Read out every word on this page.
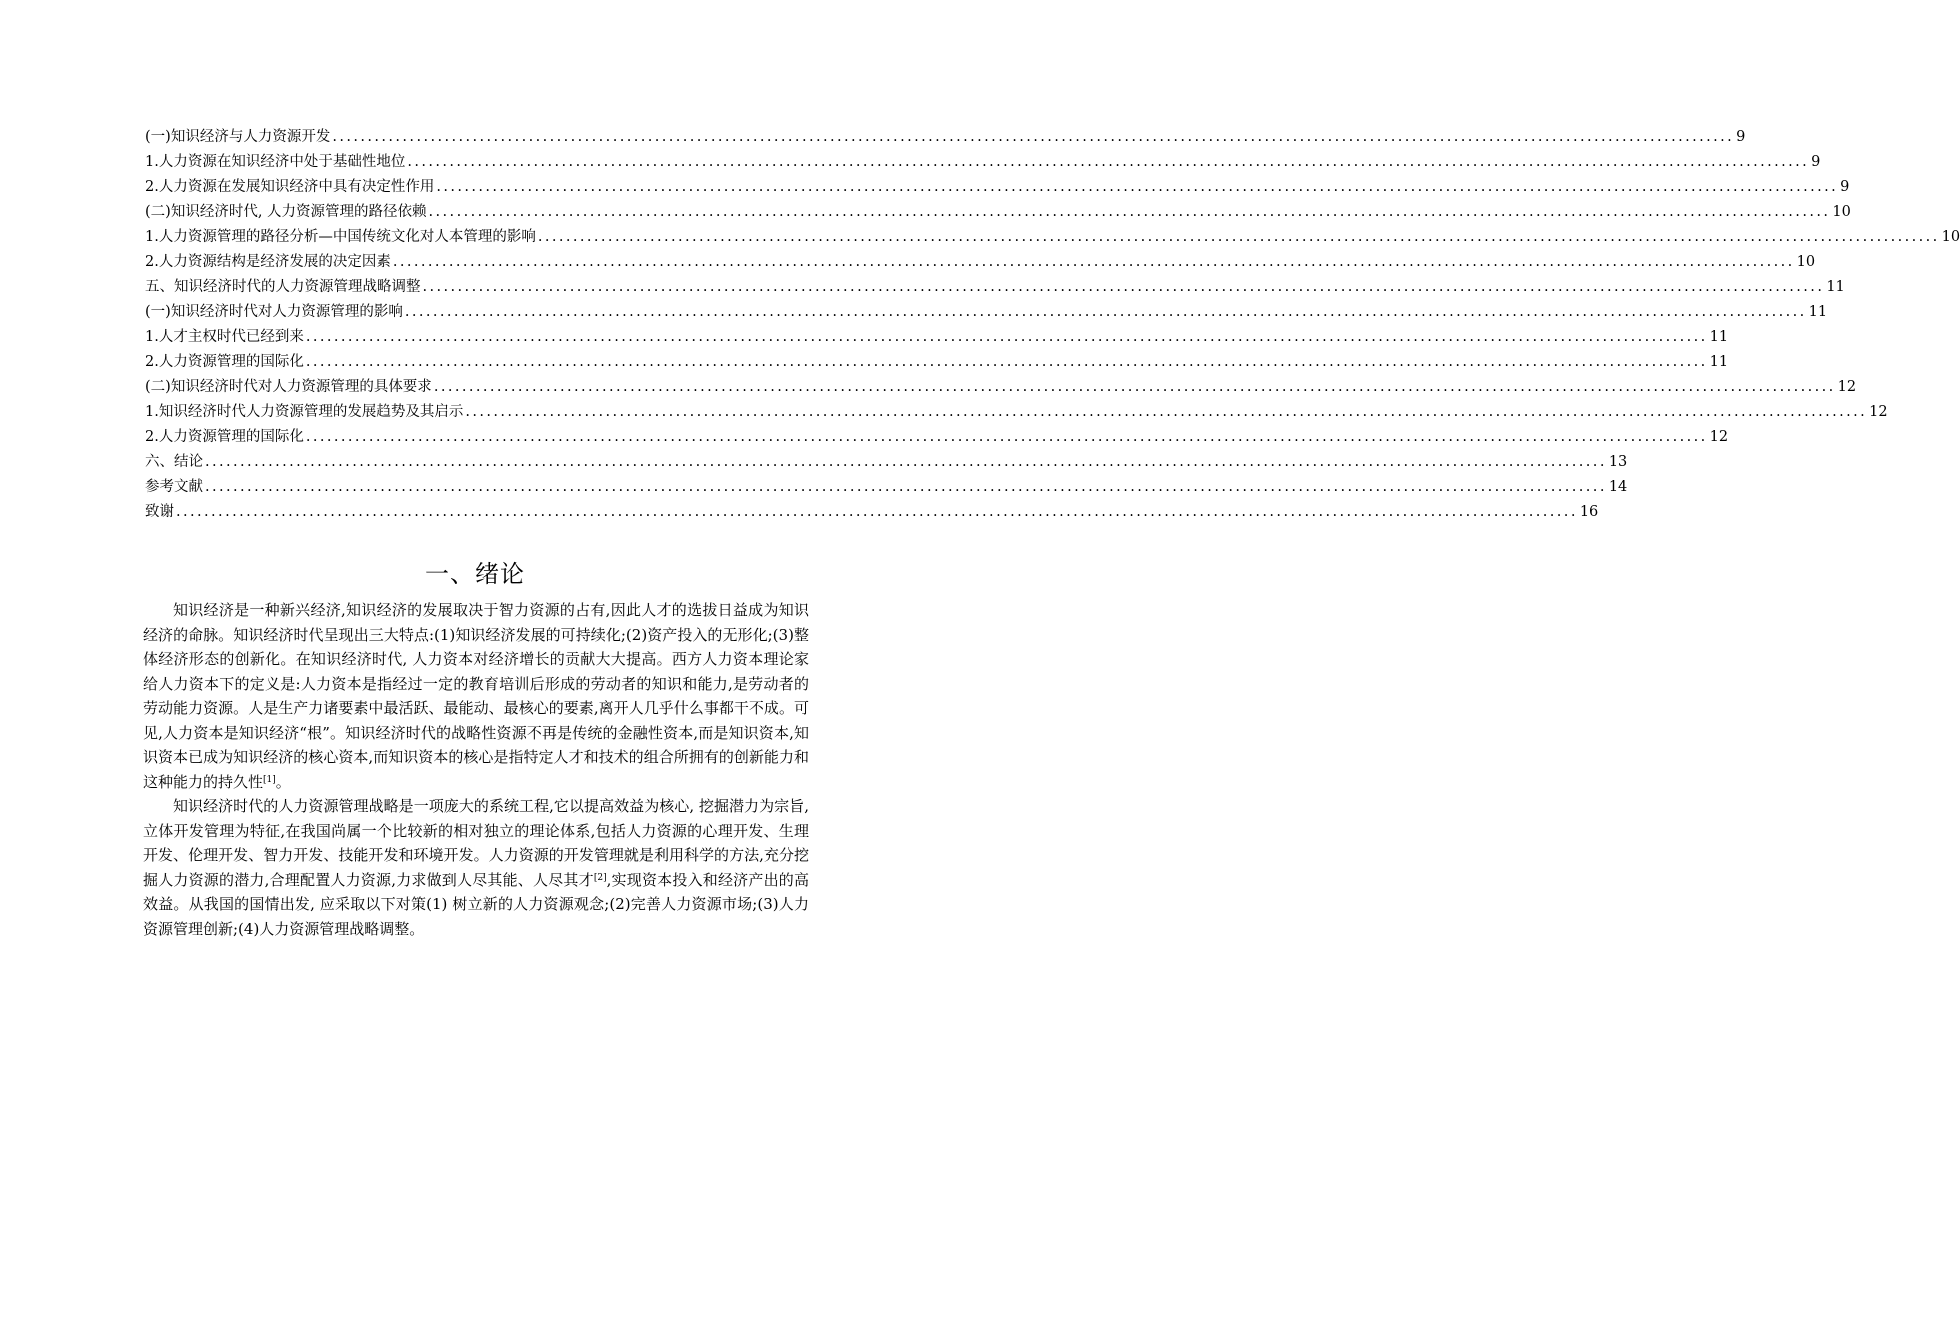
(一)知识经济与人力资源开发 ........................................................................................................................................................................................................ 9
1.人力资源在知识经济中处于基础性地位 ........................................................................................................................................................................................................ 9
2.人力资源在发展知识经济中具有决定性作用 ........................................................................................................................................................................................................ 9
(二)知识经济时代, 人力资源管理的路径依赖 ........................................................................................................................................................................................................ 10
1.人力资源管理的路径分析—中国传统文化对人本管理的影响 ........................................................................................................................................................................................................ 10
2.人力资源结构是经济发展的决定因素 ........................................................................................................................................................................................................ 10
五、知识经济时代的人力资源管理战略调整 ........................................................................................................................................................................................................ 11
(一)知识经济时代对人力资源管理的影响 ........................................................................................................................................................................................................ 11
1.人才主权时代已经到来 ........................................................................................................................................................................................................ 11
2.人力资源管理的国际化 ........................................................................................................................................................................................................ 11
(二)知识经济时代对人力资源管理的具体要求 ........................................................................................................................................................................................................ 12
1.知识经济时代人力资源管理的发展趋势及其启示 ........................................................................................................................................................................................................ 12
2.人力资源管理的国际化 ........................................................................................................................................................................................................ 12
六、结论 ........................................................................................................................................................................................................ 13
参考文献 ........................................................................................................................................................................................................ 14
致谢 ........................................................................................................................................................................................................ 16
一、绪论

知识经济是一种新兴经济,知识经济的发展取决于智力资源的占有,因此人才的选拔日益成为知识经济的命脉。知识经济时代呈现出三大特点:(1)知识经济发展的可持续化;(2)资产投入的无形化;(3)整体经济形态的创新化。在知识经济时代, 人力资本对经济增长的贡献大大提高。西方人力资本理论家给人力资本下的定义是:人力资本是指经过一定的教育培训后形成的劳动者的知识和能力,是劳动者的劳动能力资源。人是生产力诸要素中最活跃、最能动、最核心的要素,离开人几乎什么事都干不成。可见,人力资本是知识经济“根”。知识经济时代的战略性资源不再是传统的金融性资本,而是知识资本,知识资本已成为知识经济的核心资本,而知识资本的核心是指特定人才和技术的组合所拥有的创新能力和这种能力的持久性[1]。

知识经济时代的人力资源管理战略是一项庞大的系统工程,它以提高效益为核心, 挖掘潜力为宗旨,立体开发管理为特征,在我国尚属一个比较新的相对独立的理论体系,包括人力资源的心理开发、生理开发、伦理开发、智力开发、技能开发和环境开发。人力资源的开发管理就是利用科学的方法,充分挖掘人力资源的潜力,合理配置人力资源,力求做到人尽其能、人尽其才[2],实现资本投入和经济产出的高效益。从我国的国情出发, 应采取以下对策(1) 树立新的人力资源观念;(2)完善人力资源市场;(3)人力资源管理创新;(4)人力资源管理战略调整。
